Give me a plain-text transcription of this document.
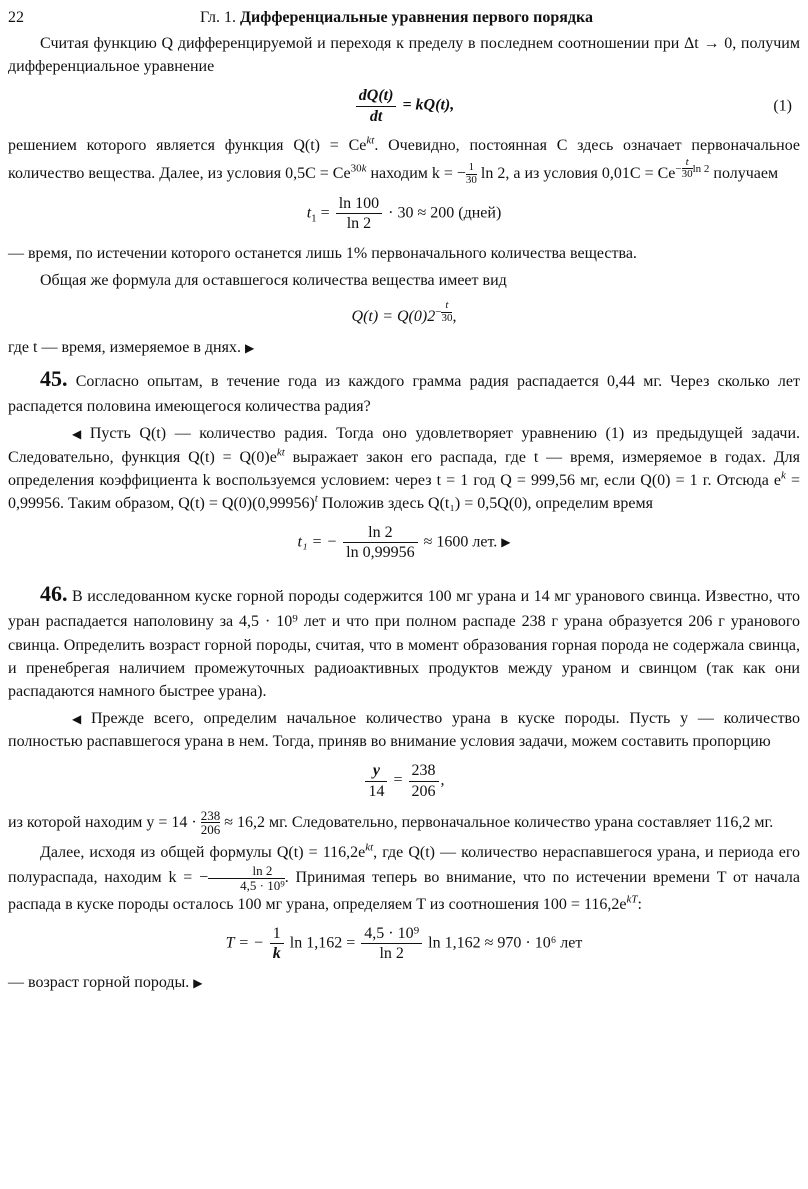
22	Гл. 1. Дифференциальные уравнения первого порядка

Считая функцию Q дифференцируемой и переходя к пределу в последнем соотношении при Δt → 0, получим дифференциальное уравнение

$\frac{dQ(t)}{dt} = kQ(t)$,	(1)

решением которого является функция $Q(t) = Ce^{kt}$. Очевидно, постоянная C здесь означает первоначальное количество вещества. Далее, из условия $0,5C = Ce^{30k}$ находим k = − $\frac{1}{30}$ ln 2, а из условия $0,01C = Ce^{- \frac{t}{30} ln 2}$ получаем

$t_1 = \frac{\ln 100}{\ln 2} \cdot 30 \approx 200$ (дней)

— время, по истечении которого останется лишь 1% первоначального количества вещества.

Общая же формула для оставшегося количества вещества имеет вид

$Q(t) = Q(0)2^{- \frac{t}{30}}$ ,

где t — время, измеряемое в днях. ▶

45. Согласно опытам, в течение года из каждого грамма радия распадается 0,44 мг. Через сколько лет распадется половина имеющегося количества радия?

◀ Пусть Q(t) — количество радия. Тогда оно удовлетворяет уравнению (1) из предыдущей задачи. Следовательно, функция $Q(t) = Q(0)e^{kt}$ выражает закон его распада, где t — время, измеряемое в годах. Для определения коэффициента k воспользуемся условием: через t = 1 год Q = 999,56 мг, если Q(0) = 1 г. Отсюда $e^k = 0,99956$. Таким образом, $Q(t) = Q(0)(0,99956)^t$ Положив здесь Q(t₁) = 0,5Q(0), определим время

t₁ = − $\frac{\ln 2}{\ln 0,99956} \approx 1600$ лет. ▶

46. В исследованном куске горной породы содержится 100 мг урана и 14 мг уранового свинца. Известно, что уран распадается наполовину за 4,5 · 10⁹ лет и что при полном распаде 238 г урана образуется 206 г уранового свинца. Определить возраст горной породы, считая, что в момент образования горная порода не содержала свинца, и пренебрегая наличием промежуточных радиоактивных продуктов между ураном и свинцом (так как они распадаются намного быстрее урана).

◀ Прежде всего, определим начальное количество урана в куске породы. Пусть y — количество полностью распавшегося урана в нем. Тогда, приняв во внимание условия задачи, можем составить пропорцию

$\frac{y}{14} = \frac{238}{206}$ ,

из которой находим $y = 14 \cdot \frac{238}{206} \approx 16,2$ мг. Следовательно, первоначальное количество урана составляет 116,2 мг.

Далее, исходя из общей формулы $Q(t) = 116,2e^{kt}$, где Q(t) — количество нераспавшегося урана, и периода его полураспада, находим k = − $\frac{\ln 2}{\text{4,5 · 10⁹}}$ . Принимая теперь во внимание, что по истечении времени T от начала распада в куске породы осталось 100 мг урана, определяем T из соотношения $100 = 116,2e^{kT}$:

T = − $\frac{1}{k}$ $\ln 1,162 = \frac{\text{4,5 · 10⁹}}{\ln 2}$ ln 1,162 ≈ 970 · 10⁶ лет

— возраст горной породы. ▶
